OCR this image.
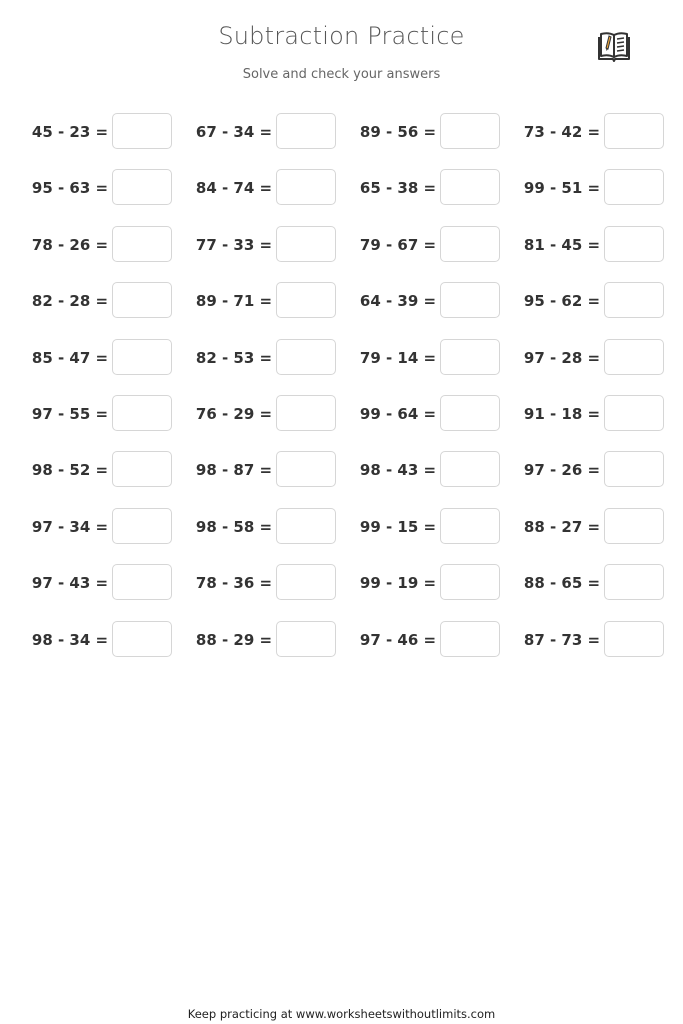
Subtraction Practice
Solve and check your answers
45 - 23 =	67 - 34 =	89 - 56 =	73 - 42 =
95 - 63 =	84 - 74 =	65 - 38 =	99 - 51 =
78 - 26 =	77 - 33 =	79 - 67 =	81 - 45 =
82 - 28 =	89 - 71 =	64 - 39 =	95 - 62 =
85 - 47 =	82 - 53 =	79 - 14 =	97 - 28 =
97 - 55 =	76 - 29 =	99 - 64 =	91 - 18 =
98 - 52 =	98 - 87 =	98 - 43 =	97 - 26 =
97 - 34 =	98 - 58 =	99 - 15 =	88 - 27 =
97 - 43 =	78 - 36 =	99 - 19 =	88 - 65 =
98 - 34 =	88 - 29 =	97 - 46 =	87 - 73 =
Keep practicing at www.worksheetswithoutlimits.com
